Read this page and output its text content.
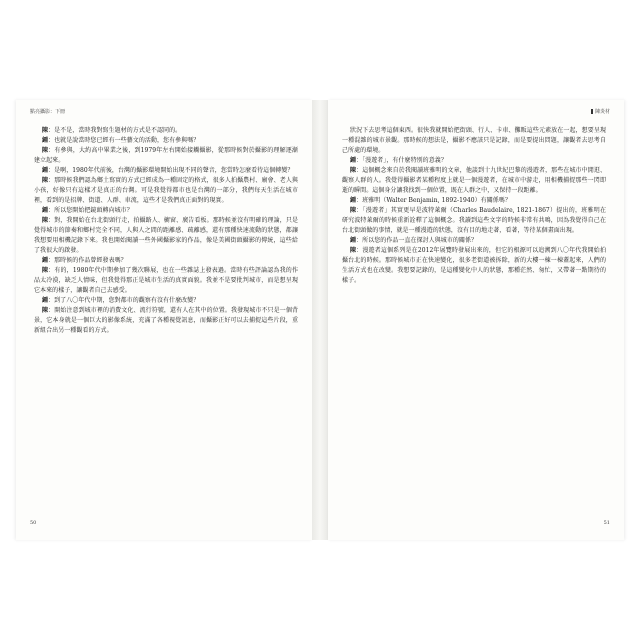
點亮攝影：下冊

陳：是不是，當時我對寫生題材的方式是不認同的。

鍾：也就是說當時您已經有一些藝文的活動，您有參與嗎？

陳：有參與，大約高中畢業之後，到1979年左右開始接觸攝影，從那時候對於攝影的理解逐漸建立起來。

鍾：是啊，1980年代前後，台灣的攝影環境開始出現不同的聲音，您當時怎麼看待這個轉變？

陳：那時候我們認為鄉土寫實的方式已經成為一種固定的格式，很多人拍攝農村、廟會、老人與小孩，好像只有這樣才是真正的台灣。可是我覺得都市也是台灣的一部分，我們每天生活在城市裡，看到的是招牌、街道、人群、車流，這些才是我們真正面對的現實。

鍾：所以您開始把鏡頭轉向城市？

陳：對，我開始在台北街頭行走，拍攝路人、櫥窗、廣告看板。那時候並沒有明確的理論，只是覺得城市的節奏和鄉村完全不同，人與人之間的距離感、疏離感，還有那種快速流動的狀態，都讓我想要用相機記錄下來。我也開始閱讀一些外國攝影家的作品，像是美國街頭攝影的傳統，這些給了我很大的啟發。

鍾：那時候的作品曾經發表嗎？

陳：有的，1980年代中期參加了幾次聯展，也在一些雜誌上發表過。當時有些評論認為我的作品太冷漠，缺乏人情味，但我覺得那正是城市生活的真實面貌。我並不是要批判城市，而是想呈現它本來的樣子，讓觀者自己去感受。

鍾：到了八〇年代中期，您對都市的觀察有沒有什麼改變？

陳：開始注意到城市裡的消費文化、流行符號，還有人在其中的位置。我發現城市不只是一個背景，它本身就是一個巨大的影像系統，充滿了各種視覺訊息，而攝影正好可以去捕捉這些片段，重新組合出另一種觀看的方式。

50
陳炎材

狀況下去思考這個東西。很快我就開始把街頭、行人、卡車、攤販這些元素放在一起，想要呈現一種混雜的城市景觀。那時候的想法是，攝影不應該只是記錄，而是要提出問題，讓觀者去思考自己所處的環境。

鍾：「漫遊者」，有什麼特別的意義？

陳：這個概念來自於我閱讀班雅明的文章，他談到十九世紀巴黎的漫遊者，那些在城市中閒逛、觀察人群的人。我覺得攝影者某種程度上就是一個漫遊者，在城市中游走，用相機捕捉那些一閃即逝的瞬間。這個身分讓我找到一個位置，既在人群之中，又保持一段距離。

鍾：班雅明（Walter Benjamin, 1892-1940）有關係嗎？

陳：「漫遊者」其實更早是波特萊爾（Charles Baudelaire, 1821-1867）提出的，班雅明在研究波特萊爾的時候重新詮釋了這個概念。我讀到這些文字的時候非常有共鳴，因為我覺得自己在台北街頭做的事情，就是一種漫遊的狀態，沒有目的地走著，看著，等待某個畫面出現。

鍾：所以您的作品一直在探討人與城市的關係？

陳：漫遊者這個系列是在2012年展覽時發展出來的，但它的根源可以追溯到八〇年代我開始拍攝台北的時候。那時候城市正在快速變化，很多老街道被拆除，新的大樓一棟一棟蓋起來，人們的生活方式也在改變。我想要記錄的，是這種變化中人的狀態，那種茫然、匆忙，又帶著一點期待的樣子。

51
